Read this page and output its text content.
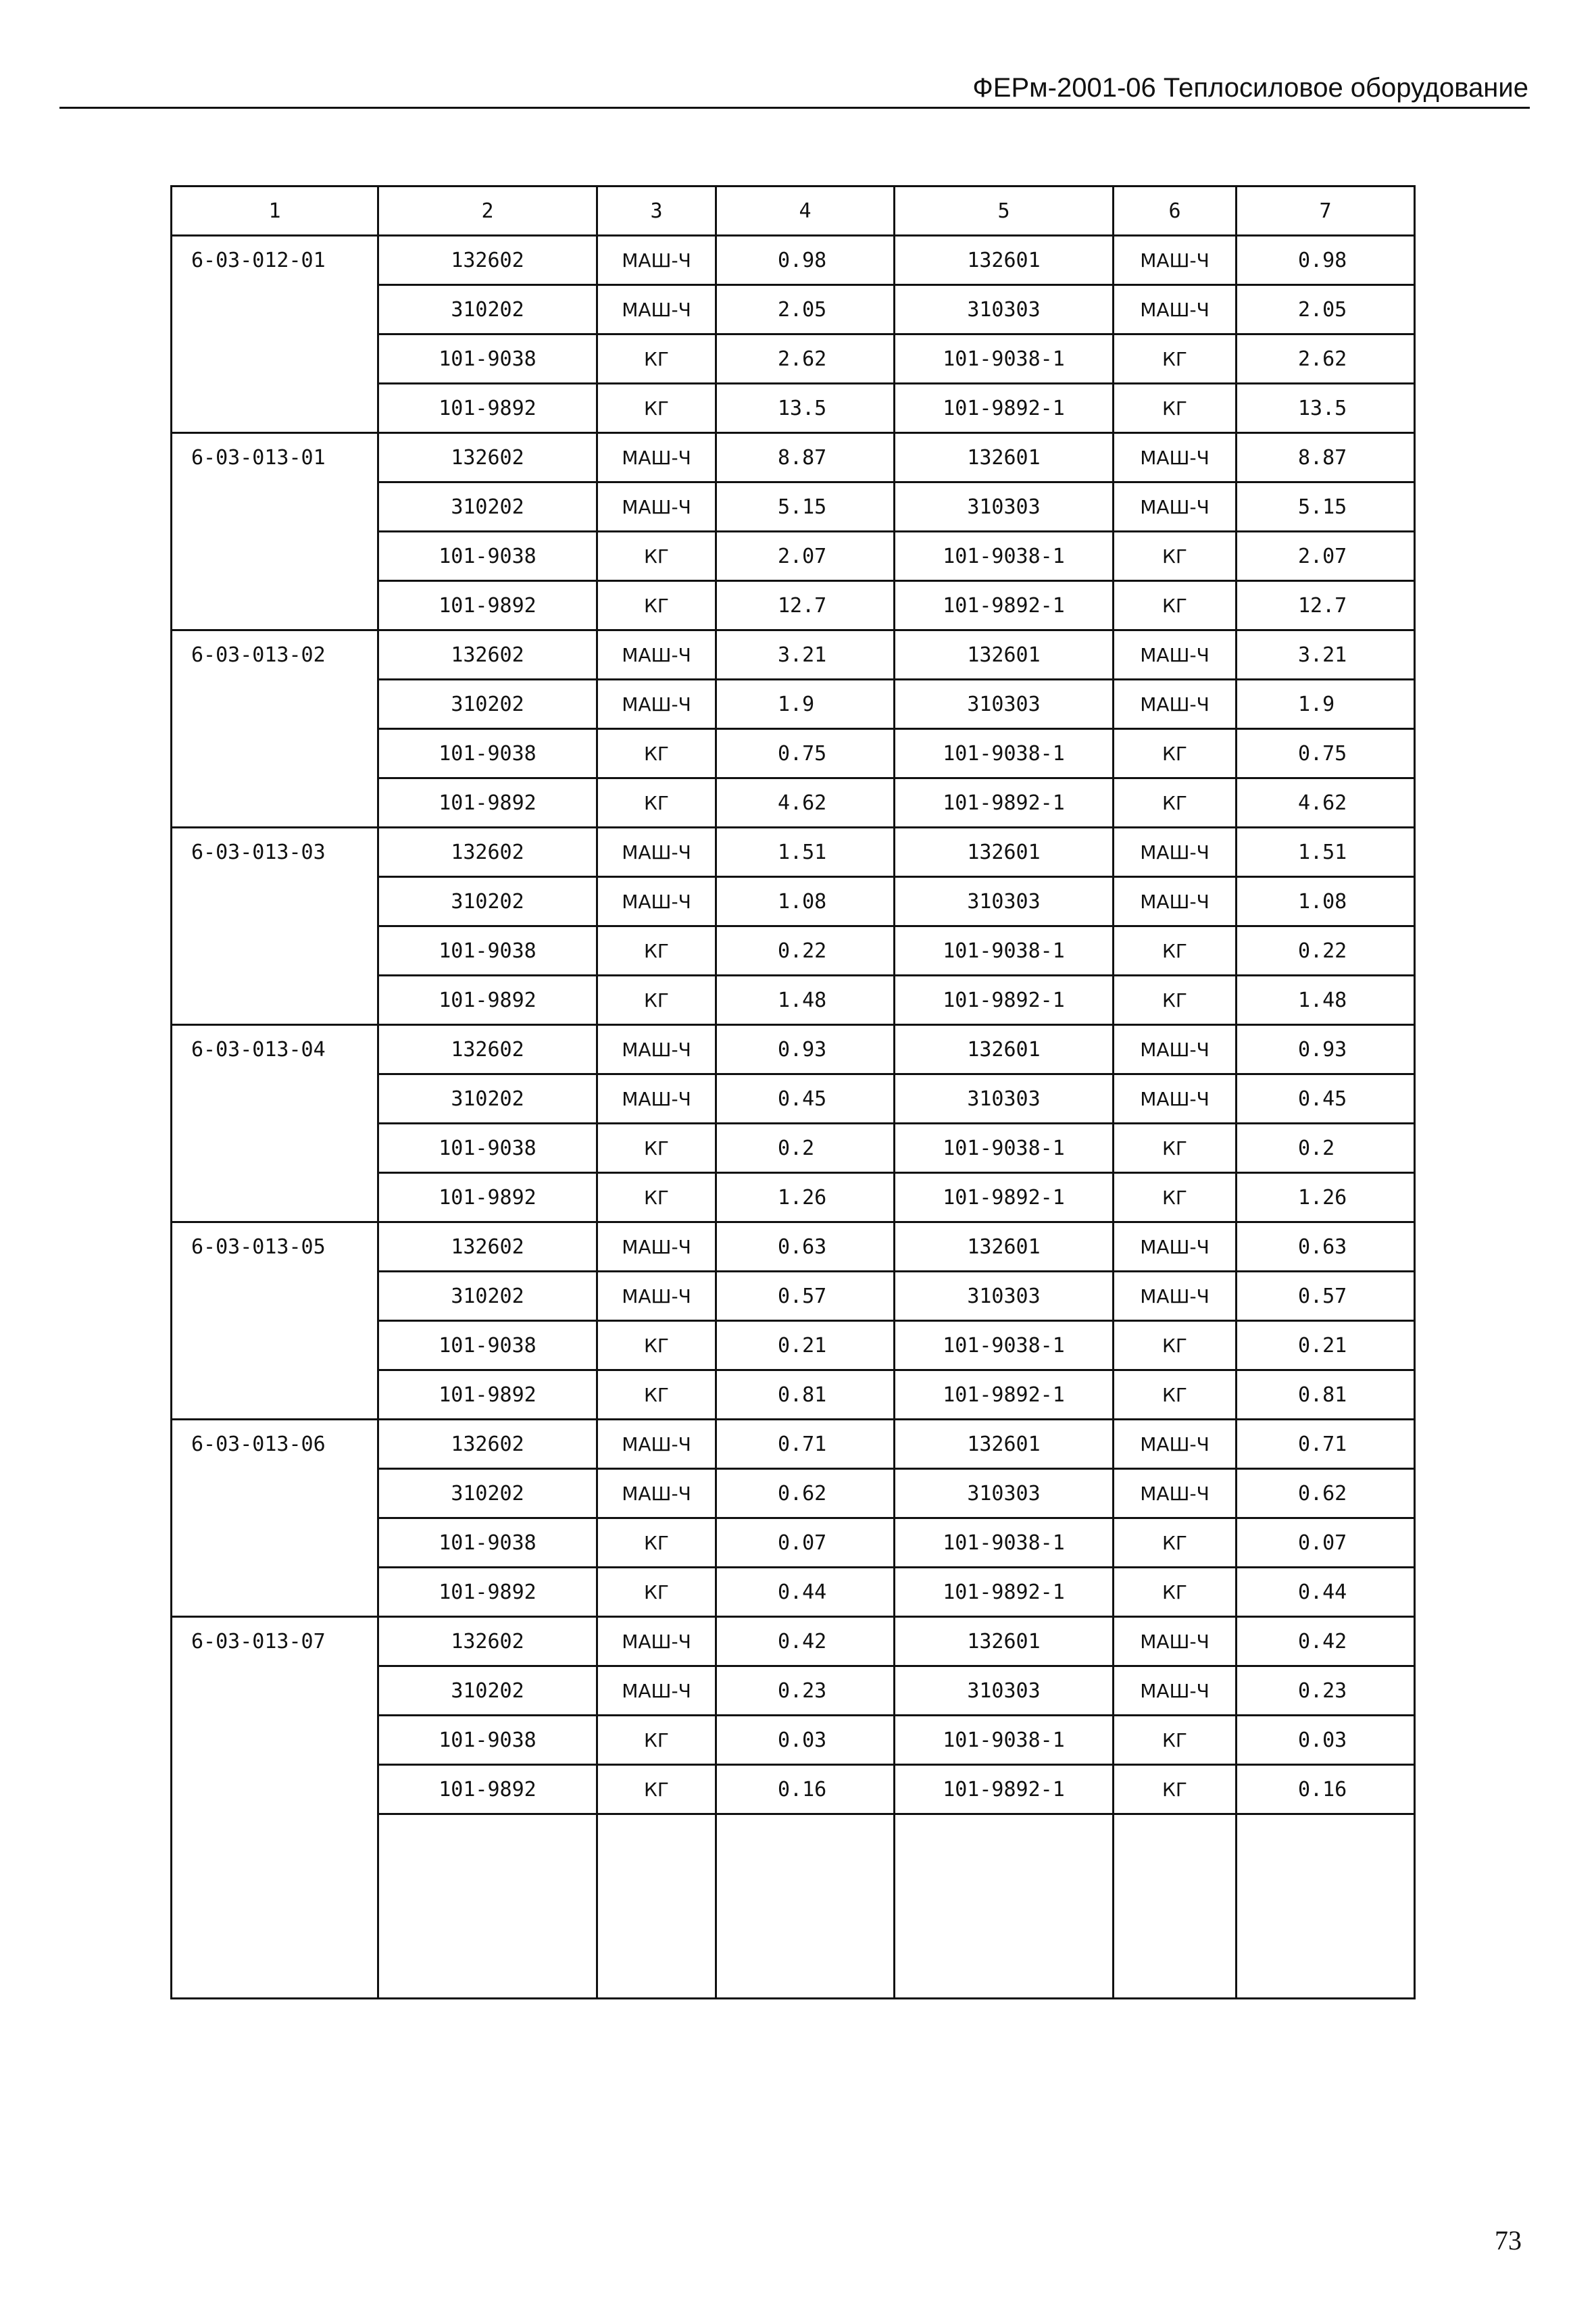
ФЕРм-2001-06 Теплосиловое оборудование
1	2	3	4	5	6	7
6-03-012-01	132602	МАШ-Ч	0.98	132601	МАШ-Ч	0.98
	310202	МАШ-Ч	2.05	310303	МАШ-Ч	2.05
	101-9038	КГ	2.62	101-9038-1	КГ	2.62
	101-9892	КГ	13.5	101-9892-1	КГ	13.5
6-03-013-01	132602	МАШ-Ч	8.87	132601	МАШ-Ч	8.87
	310202	МАШ-Ч	5.15	310303	МАШ-Ч	5.15
	101-9038	КГ	2.07	101-9038-1	КГ	2.07
	101-9892	КГ	12.7	101-9892-1	КГ	12.7
6-03-013-02	132602	МАШ-Ч	3.21	132601	МАШ-Ч	3.21
	310202	МАШ-Ч	1.9	310303	МАШ-Ч	1.9
	101-9038	КГ	0.75	101-9038-1	КГ	0.75
	101-9892	КГ	4.62	101-9892-1	КГ	4.62
6-03-013-03	132602	МАШ-Ч	1.51	132601	МАШ-Ч	1.51
	310202	МАШ-Ч	1.08	310303	МАШ-Ч	1.08
	101-9038	КГ	0.22	101-9038-1	КГ	0.22
	101-9892	КГ	1.48	101-9892-1	КГ	1.48
6-03-013-04	132602	МАШ-Ч	0.93	132601	МАШ-Ч	0.93
	310202	МАШ-Ч	0.45	310303	МАШ-Ч	0.45
	101-9038	КГ	0.2	101-9038-1	КГ	0.2
	101-9892	КГ	1.26	101-9892-1	КГ	1.26
6-03-013-05	132602	МАШ-Ч	0.63	132601	МАШ-Ч	0.63
	310202	МАШ-Ч	0.57	310303	МАШ-Ч	0.57
	101-9038	КГ	0.21	101-9038-1	КГ	0.21
	101-9892	КГ	0.81	101-9892-1	КГ	0.81
6-03-013-06	132602	МАШ-Ч	0.71	132601	МАШ-Ч	0.71
	310202	МАШ-Ч	0.62	310303	МАШ-Ч	0.62
	101-9038	КГ	0.07	101-9038-1	КГ	0.07
	101-9892	КГ	0.44	101-9892-1	КГ	0.44
6-03-013-07	132602	МАШ-Ч	0.42	132601	МАШ-Ч	0.42
	310202	МАШ-Ч	0.23	310303	МАШ-Ч	0.23
	101-9038	КГ	0.03	101-9038-1	КГ	0.03
	101-9892	КГ	0.16	101-9892-1	КГ	0.16

73
